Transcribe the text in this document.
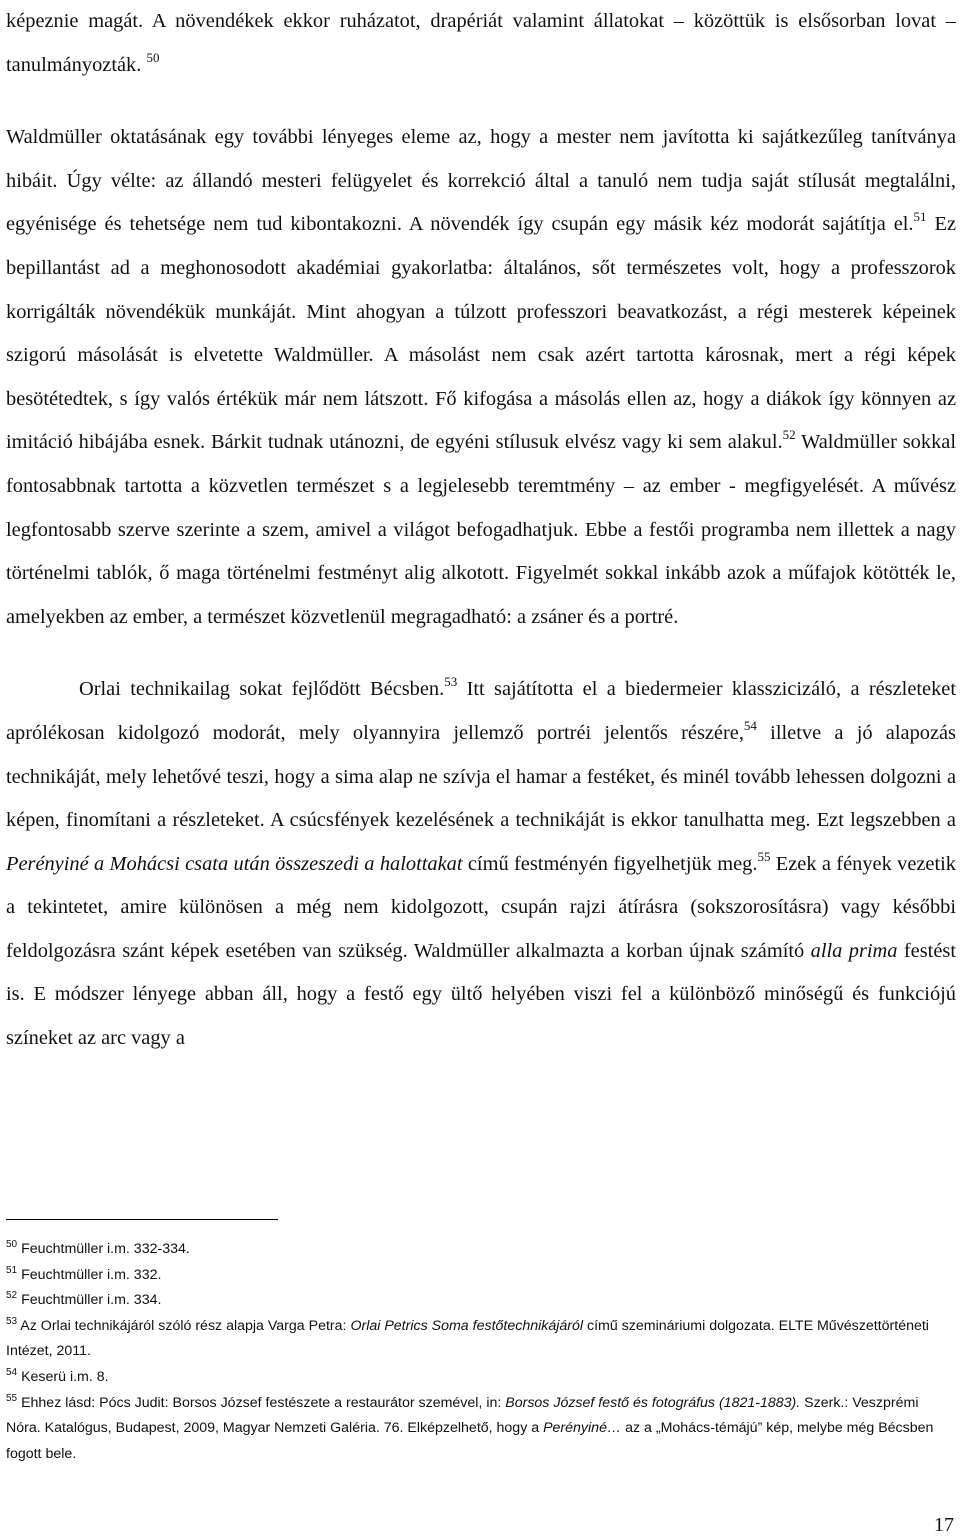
képeznie magát. A növendékek ekkor ruházatot, drapériát valamint állatokat – közöttük is elsősorban lovat – tanulmányozták. $^{50}$

Waldmüller oktatásának egy további lényeges eleme az, hogy a mester nem javította ki sajátkezűleg tanítványa hibáit. Úgy vélte: az állandó mesteri felügyelet és korrekció által a tanuló nem tudja saját stílusát megtalálni, egyénisége és tehetsége nem tud kibontakozni. A növendék így csupán egy másik kéz modorát sajátítja el.$^{51}$ Ez bepillantást ad a meghonosodott akadémiai gyakorlatba: általános, sőt természetes volt, hogy a professzorok korrigálták növendékük munkáját. Mint ahogyan a túlzott professzori beavatkozást, a régi mesterek képeinek szigorú másolását is elvetette Waldmüller. A másolást nem csak azért tartotta károsnak, mert a régi képek besötétedtek, s így valós értékük már nem látszott. Fő kifogása a másolás ellen az, hogy a diákok így könnyen az imitáció hibájába esnek. Bárkit tudnak utánozni, de egyéni stílusuk elvész vagy ki sem alakul.$^{52}$ Waldmüller sokkal fontosabbnak tartotta a közvetlen természet s a legjelesebb teremtmény – az ember - megfigyelését. A művész legfontosabb szerve szerinte a szem, amivel a világot befogadhatjuk. Ebbe a festői programba nem illettek a nagy történelmi tablók, ő maga történelmi festményt alig alkotott. Figyelmét sokkal inkább azok a műfajok kötötték le, amelyekben az ember, a természet közvetlenül megragadható: a zsáner és a portré.

Orlai technikailag sokat fejlődött Bécsben.$^{53}$ Itt sajátította el a biedermeier klasszicizáló, a részleteket aprólékosan kidolgozó modorát, mely olyannyira jellemző portréi jelentős részére,$^{54}$ illetve a jó alapozás technikáját, mely lehetővé teszi, hogy a sima alap ne szívja el hamar a festéket, és minél tovább lehessen dolgozni a képen, finomítani a részleteket. A csúcsfények kezelésének a technikáját is ekkor tanulhatta meg. Ezt legszebben a Perényiné a Mohácsi csata után összeszedi a halottakat című festményén figyelhetjük meg.$^{55}$ Ezek a fények vezetik a tekintetet, amire különösen a még nem kidolgozott, csupán rajzi átírásra (sokszorosításra) vagy későbbi feldolgozásra szánt képek esetében van szükség. Waldmüller alkalmazta a korban újnak számító alla prima festést is. E módszer lényege abban áll, hogy a festő egy ültő helyében viszi fel a különböző minőségű és funkciójú színeket az arc vagy a

$^{50}$ Feuchtmüller i.m. 332-334.

$^{51}$ Feuchtmüller i.m. 332.

$^{52}$ Feuchtmüller i.m. 334.

$^{53}$ Az Orlai technikájáról szóló rész alapja Varga Petra: Orlai Petrics Soma festőtechnikájáról című szemináriumi dolgozata. ELTE Művészettörténeti Intézet, 2011.

$^{54}$ Keserü i.m. 8.

$^{55}$ Ehhez lásd: Pócs Judit: Borsos József festészete a restaurátor szemével, in: Borsos József festő és fotográfus (1821-1883). Szerk.: Veszprémi Nóra. Katalógus, Budapest, 2009, Magyar Nemzeti Galéria. 76. Elképzelhető, hogy a Perényiné… az a „Mohács-témájú” kép, melybe még Bécsben fogott bele.

17
